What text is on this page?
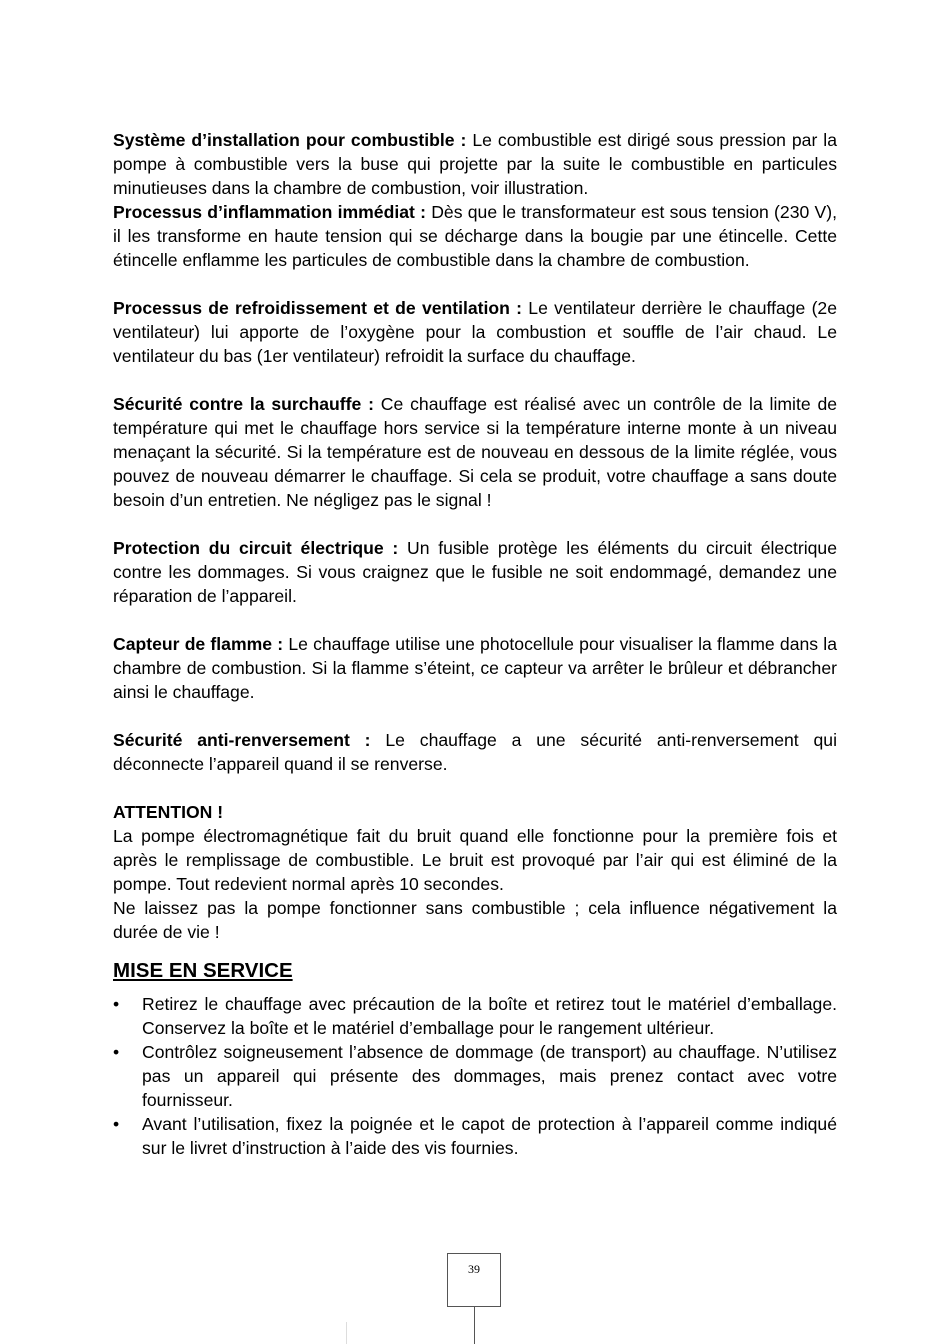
Système d’installation pour combustible : Le combustible est dirigé sous pression par la pompe à combustible vers la buse qui projette par la suite le combustible en particules minutieuses dans la chambre de combustion, voir illustration.

Processus d’inflammation immédiat : Dès que le transformateur est sous tension (230 V), il les transforme en haute tension qui se décharge dans la bougie par une étincelle. Cette étincelle enflamme les particules de combustible dans la chambre de combustion.

Processus de refroidissement et de ventilation : Le ventilateur derrière le chauffage (2e ventilateur) lui apporte de l’oxygène pour la combustion et souffle de l’air chaud. Le ventilateur du bas (1er ventilateur) refroidit la surface du chauffage.

Sécurité contre la surchauffe : Ce chauffage est réalisé avec un contrôle de la limite de température qui met le chauffage hors service si la température interne monte à un niveau menaçant la sécurité. Si la température est de nouveau en dessous de la limite réglée, vous pouvez de nouveau démarrer le chauffage. Si cela se produit, votre chauffage a sans doute besoin d’un entretien. Ne négligez pas le signal !

Protection du circuit électrique : Un fusible protège les éléments du circuit électrique contre les dommages. Si vous craignez que le fusible ne soit endommagé, demandez une réparation de l’appareil.

Capteur de flamme : Le chauffage utilise une photocellule pour visualiser la flamme dans la chambre de combustion. Si la flamme s’éteint, ce capteur va arrêter le brûleur et débrancher ainsi le chauffage.

Sécurité anti-renversement : Le chauffage a une sécurité anti-renversement qui déconnecte l’appareil quand il se renverse.

ATTENTION !

La pompe électromagnétique fait du bruit quand elle fonctionne pour la première fois et après le remplissage de combustible. Le bruit est provoqué par l’air qui est éliminé de la pompe. Tout redevient normal après 10 secondes.

Ne laissez pas la pompe fonctionner sans combustible ; cela influence négativement la durée de vie !

MISE EN SERVICE
• Retirez le chauffage avec précaution de la boîte et retirez tout le matériel d’emballage. Conservez la boîte et le matériel d’emballage pour le rangement ultérieur.
• Contrôlez soigneusement l’absence de dommage (de transport) au chauffage. N’utilisez pas un appareil qui présente des dommages, mais prenez contact avec votre fournisseur.
• Avant l’utilisation, fixez la poignée et le capot de protection à l’appareil comme indiqué sur le livret d’instruction à l’aide des vis fournies.
39
